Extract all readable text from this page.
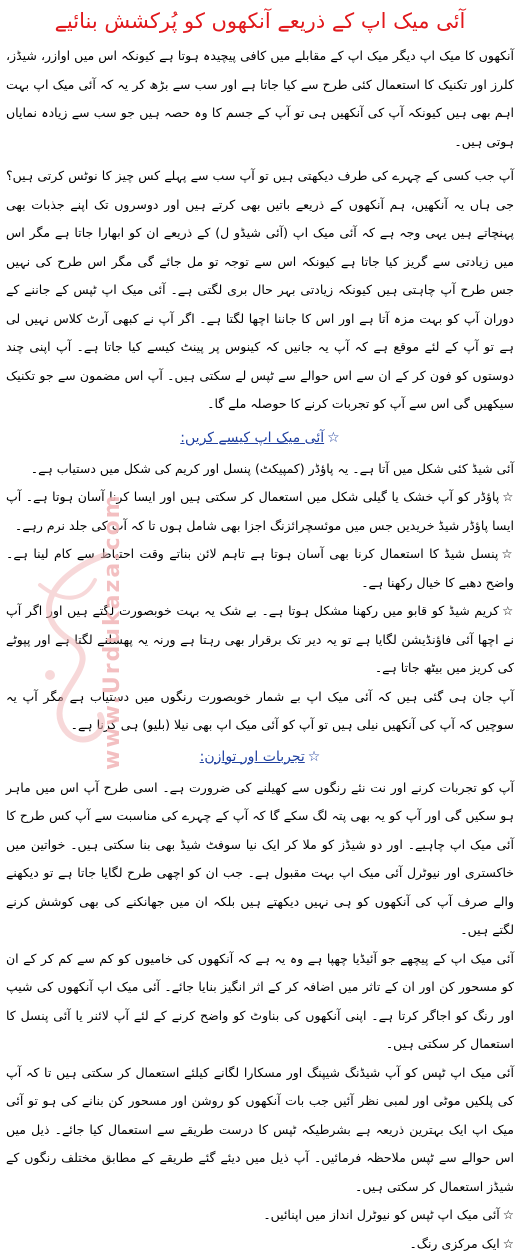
آئی میک اپ کے ذریعے آنکھوں کو پُرکشش بنائیے

آنکھوں کا میک اپ دیگر میک اپ کے مقابلے میں کافی پیچیدہ ہوتا ہے کیونکہ اس میں اوازر، شیڈز، کلرز اور تکنیک کا استعمال کئی طرح سے کیا جاتا ہے اور سب سے بڑھ کر یہ کہ آئی میک اپ بہت اہم بھی ہیں کیونکہ آپ کی آنکھیں ہی تو آپ کے جسم کا وہ حصہ ہیں جو سب سے زیادہ نمایاں ہوتی ہیں۔

آپ جب کسی کے چہرے کی طرف دیکھتی ہیں تو آپ سب سے پہلے کس چیز کا نوٹس کرتی ہیں؟ جی ہاں یہ آنکھیں، ہم آنکھوں کے ذریعے باتیں بھی کرتے ہیں اور دوسروں تک اپنے جذبات بھی پہنچاتے ہیں یہی وجہ ہے کہ آئی میک اپ (آئی شیڈو ل) کے ذریعے ان کو ابھارا جاتا ہے مگر اس میں زیادتی سے گریز کیا جاتا ہے کیونکہ اس سے توجہ تو مل جائے گی مگر اس طرح کی نہیں جس طرح آپ چاہتی ہیں کیونکہ زیادتی بہر حال بری لگتی ہے۔ آئی میک اپ ٹپس کے جاننے کے دوران آپ کو بہت مزہ آتا ہے اور اس کا جاننا اچھا لگتا ہے۔ اگر آپ نے کبھی آرٹ کلاس نہیں لی ہے تو آپ کے لئے موقع ہے کہ آپ یہ جانیں کہ کینوس پر پینٹ کیسے کیا جاتا ہے۔ آپ اپنی چند دوستوں کو فون کر کے ان سے اس حوالے سے ٹپس لے سکتی ہیں۔ آپ اس مضمون سے جو تکنیک سیکھیں گی اس سے آپ کو تجربات کرنے کا حوصلہ ملے گا۔

☆آئی میک اپ کیسے کریں:

آئی شیڈ کئی شکل میں آتا ہے۔ یہ پاؤڈر (کمپیکٹ) پنسل اور کریم کی شکل میں دستیاب ہے۔

☆پاؤڈر کو آپ خشک یا گیلی شکل میں استعمال کر سکتی ہیں اور ایسا کرنا آسان ہوتا ہے۔ آپ ایسا پاؤڈر شیڈ خریدیں جس میں موئسچرائزنگ اجزا بھی شامل ہوں تا کہ آپ کی جلد نرم رہے۔

☆پنسل شیڈ کا استعمال کرنا بھی آسان ہوتا ہے تاہم لائن بناتے وقت احتیاط سے کام لینا ہے۔ واضح دھبے کا خیال رکھنا ہے۔

☆کریم شیڈ کو قابو میں رکھنا مشکل ہوتا ہے۔ بے شک یہ بہت خوبصورت لگتے ہیں اور اگر آپ نے اچھا آئی فاؤنڈیشن لگایا ہے تو یہ دیر تک برقرار بھی رہتا ہے ورنہ یہ پھسلنے لگتا ہے اور پپوٹے کی کریز میں بیٹھ جاتا ہے۔

آپ جان ہی گئی ہیں کہ آئی میک اپ بے شمار خوبصورت رنگوں میں دستیاب ہے مگر آپ یہ سوچیں کہ آپ کی آنکھیں نیلی ہیں تو آپ کو آئی میک اپ بھی نیلا (بلیو) ہی کرنا ہے۔

☆تجربات اور توازن:

آپ کو تجربات کرنے اور نت نئے رنگوں سے کھیلنے کی ضرورت ہے۔ اسی طرح آپ اس میں ماہر ہو سکیں گی اور آپ کو یہ بھی پتہ لگ سکے گا کہ آپ کے چہرے کی مناسبت سے آپ کس طرح کا آئی میک اپ چاہیے۔ اور دو شیڈز کو ملا کر ایک نیا سوفٹ شیڈ بھی بنا سکتی ہیں۔ خواتین میں خاکستری اور نیوٹرل آئی میک اپ بہت مقبول ہے۔ جب ان کو اچھی طرح لگایا جاتا ہے تو دیکھنے والے صرف آپ کی آنکھوں کو ہی نہیں دیکھتے ہیں بلکہ ان میں جھانکنے کی بھی کوشش کرنے لگتے ہیں۔

آئی میک اپ کے پیچھے جو آئیڈیا چھپا ہے وہ یہ ہے کہ آنکھوں کی خامیوں کو کم سے کم کر کے ان کو مسحور کن اور ان کے تاثر میں اضافہ کر کے اثر انگیز بنایا جائے۔ آئی میک اپ آنکھوں کی شیپ اور رنگ کو اجاگر کرتا ہے۔ اپنی آنکھوں کی بناوٹ کو واضح کرنے کے لئے آپ لائنر یا آئی پنسل کا استعمال کر سکتی ہیں۔

آئی میک اپ ٹپس کو آپ شیڈنگ شیپنگ اور مسکارا لگانے کیلئے استعمال کر سکتی ہیں تا کہ آپ کی پلکیں موٹی اور لمبی نظر آئیں جب بات آنکھوں کو روشن اور مسحور کن بنانے کی ہو تو آئی میک اپ ایک بہترین ذریعہ ہے بشرطیکہ ٹپس کا درست طریقے سے استعمال کیا جائے۔ ذیل میں اس حوالے سے ٹپس ملاحظہ فرمائیں۔ آپ ذیل میں دیئے گئے طریقے کے مطابق مختلف رنگوں کے شیڈز استعمال کر سکتی ہیں۔

☆آئی میک اپ ٹپس کو نیوٹرل انداز میں اپنائیں۔

☆ایک مرکزی رنگ۔

www.Urdukaza.com
